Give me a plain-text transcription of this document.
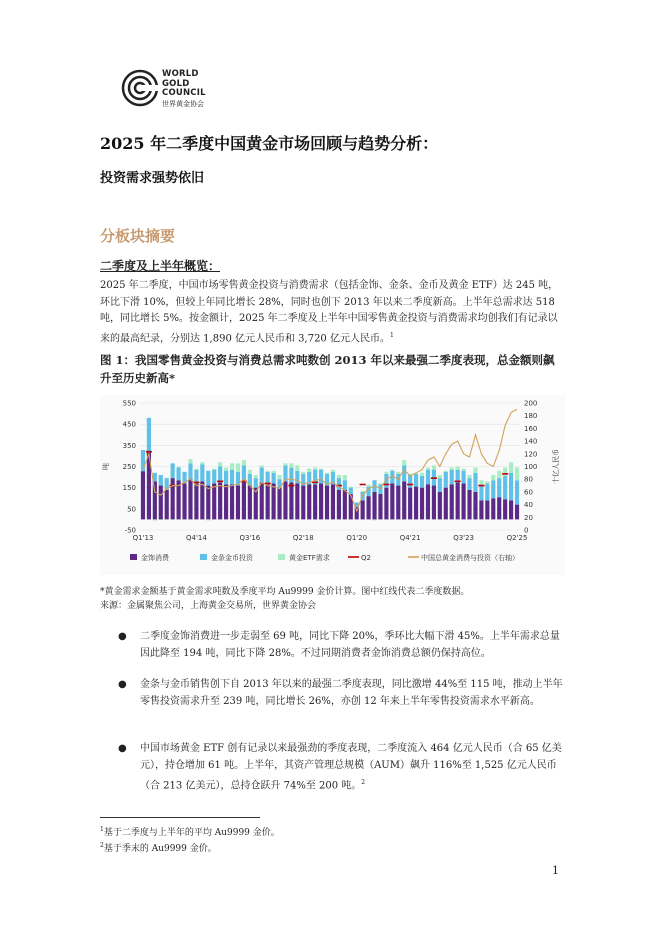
WORLD
GOLD
COUNCIL
世界黄金协会
2025 年二季度中国黄金市场回顾与趋势分析：
投资需求强势依旧
分板块摘要
二季度及上半年概览：
2025 年二季度，中国市场零售黄金投资与消费需求（包括金饰、金条、金币及黄金 ETF）达 245 吨，环比下滑 10%，但较上年同比增长 28%，同时也创下 2013 年以来二季度新高。上半年总需求达 518 吨，同比增长 5%。按金额计，2025 年二季度及上半年中国零售黄金投资与消费需求均创我们有记录以来的最高纪录，分别达 1,890 亿元人民币和 3,720 亿元人民币。$^1$
图 1：我国零售黄金投资与消费总需求吨数创 2013 年以来最强二季度表现，总金额则飙升至历史新高*
-50
50
150
250
350
450
550
0
20
40
60
80
100
120
140
160
180
200
吨	十亿人民币
Q1'13	Q4'14	Q3'16	Q2'18	Q1'20	Q4'21	Q3'23	Q2'25
金饰消费	金条金币投资	黄金ETF需求	Q2	中国总黄金消费与投资（右轴）
*黄金需求金额基于黄金需求吨数及季度平均 Au9999 金价计算。图中红线代表二季度数据。
来源：金属聚焦公司，上海黄金交易所，世界黄金协会
● 二季度金饰消费进一步走弱至 69 吨，同比下降 20%，季环比大幅下滑 45%。上半年需求总量因此降至 194 吨，同比下降 28%。不过同期消费者金饰消费总额仍保持高位。
● 金条与金币销售创下自 2013 年以来的最强二季度表现，同比激增 44%至 115 吨，推动上半年零售投资需求升至 239 吨，同比增长 26%，亦创 12 年来上半年零售投资需求水平新高。
● 中国市场黄金 ETF 创有记录以来最强劲的季度表现，二季度流入 464 亿元人民币（合 65 亿美元），持仓增加 61 吨。上半年，其资产管理总规模（AUM）飙升 116%至 1,525 亿元人民币（合 213 亿美元），总持仓跃升 74%至 200 吨。$^2$
$^1$基于二季度与上半年的平均 Au9999 金价。
$^2$基于季末的 Au9999 金价。
1
